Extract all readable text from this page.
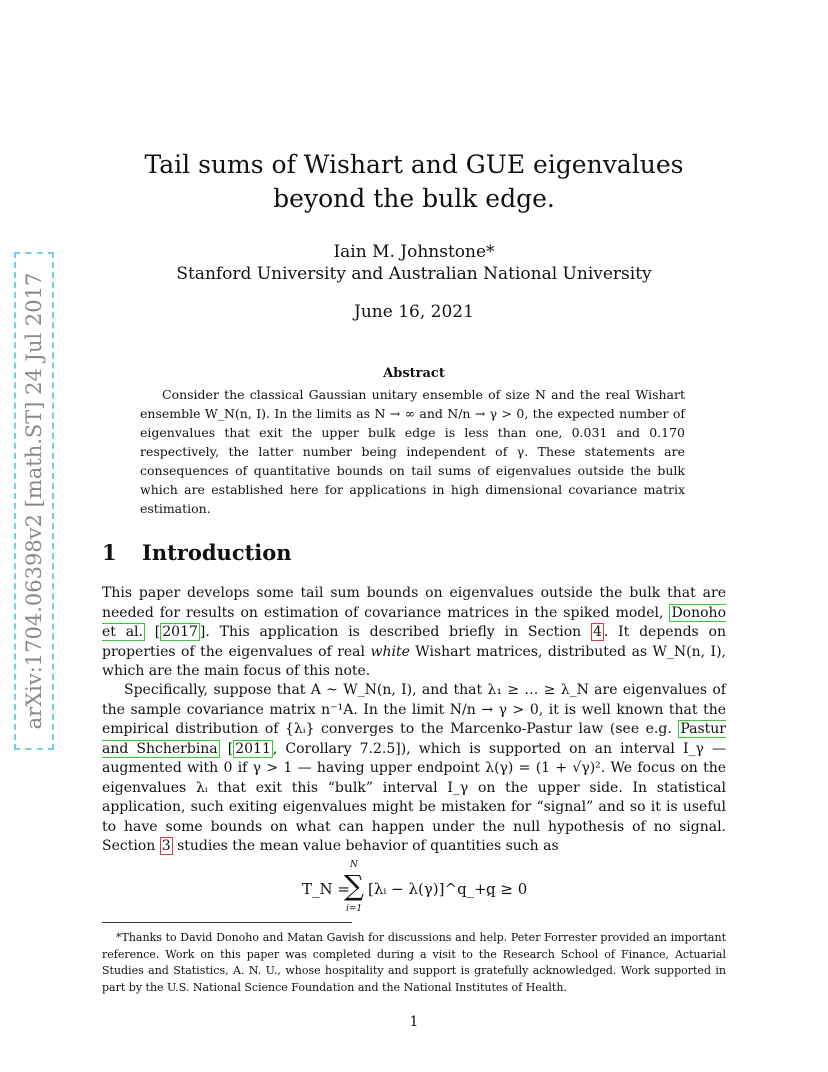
arXiv:1704.06398v2 [math.ST] 24 Jul 2017
Tail sums of Wishart and GUE eigenvalues beyond the bulk edge.
Iain M. Johnstone*
Stanford University and Australian National University
June 16, 2021
Abstract
Consider the classical Gaussian unitary ensemble of size N and the real Wishart ensemble W_N(n, I). In the limits as N → ∞ and N/n → γ > 0, the expected number of eigenvalues that exit the upper bulk edge is less than one, 0.031 and 0.170 respectively, the latter number being independent of γ. These statements are consequences of quantitative bounds on tail sums of eigenvalues outside the bulk which are established here for applications in high dimensional covariance matrix estimation.
1 Introduction
This paper develops some tail sum bounds on eigenvalues outside the bulk that are needed for results on estimation of covariance matrices in the spiked model, Donoho et al. [ 2017 ]. This application is described briefly in Section 4 . It depends on properties of the eigenvalues of real white Wishart matrices, distributed as W_N(n, I), which are the main focus of this note.
Specifically, suppose that A ~ W_N(n, I), and that λ₁ ≥ … ≥ λ_N are eigenvalues of the sample covariance matrix n⁻¹A. In the limit N/n → γ > 0, it is well known that the empirical distribution of {λᵢ} converges to the Marcenko-Pastur law (see e.g. Pastur and Shcherbina [ 2011 , Corollary 7.2.5]), which is supported on an interval I_γ — augmented with 0 if γ > 1 — having upper endpoint λ(γ) = (1 + √γ)². We focus on the eigenvalues λᵢ that exit this “bulk” interval I_γ on the upper side. In statistical application, such exiting eigenvalues might be mistaken for “signal” and so it is useful to have some bounds on what can happen under the null hypothesis of no signal. Section 3 studies the mean value behavior of quantities such as
T_N =
N
∑
i=1
[λᵢ − λ(γ)]^q_+,
q ≥ 0
*Thanks to David Donoho and Matan Gavish for discussions and help. Peter Forrester provided an important reference. Work on this paper was completed during a visit to the Research School of Finance, Actuarial Studies and Statistics, A. N. U., whose hospitality and support is gratefully acknowledged. Work supported in part by the U.S. National Science Foundation and the National Institutes of Health.
1
